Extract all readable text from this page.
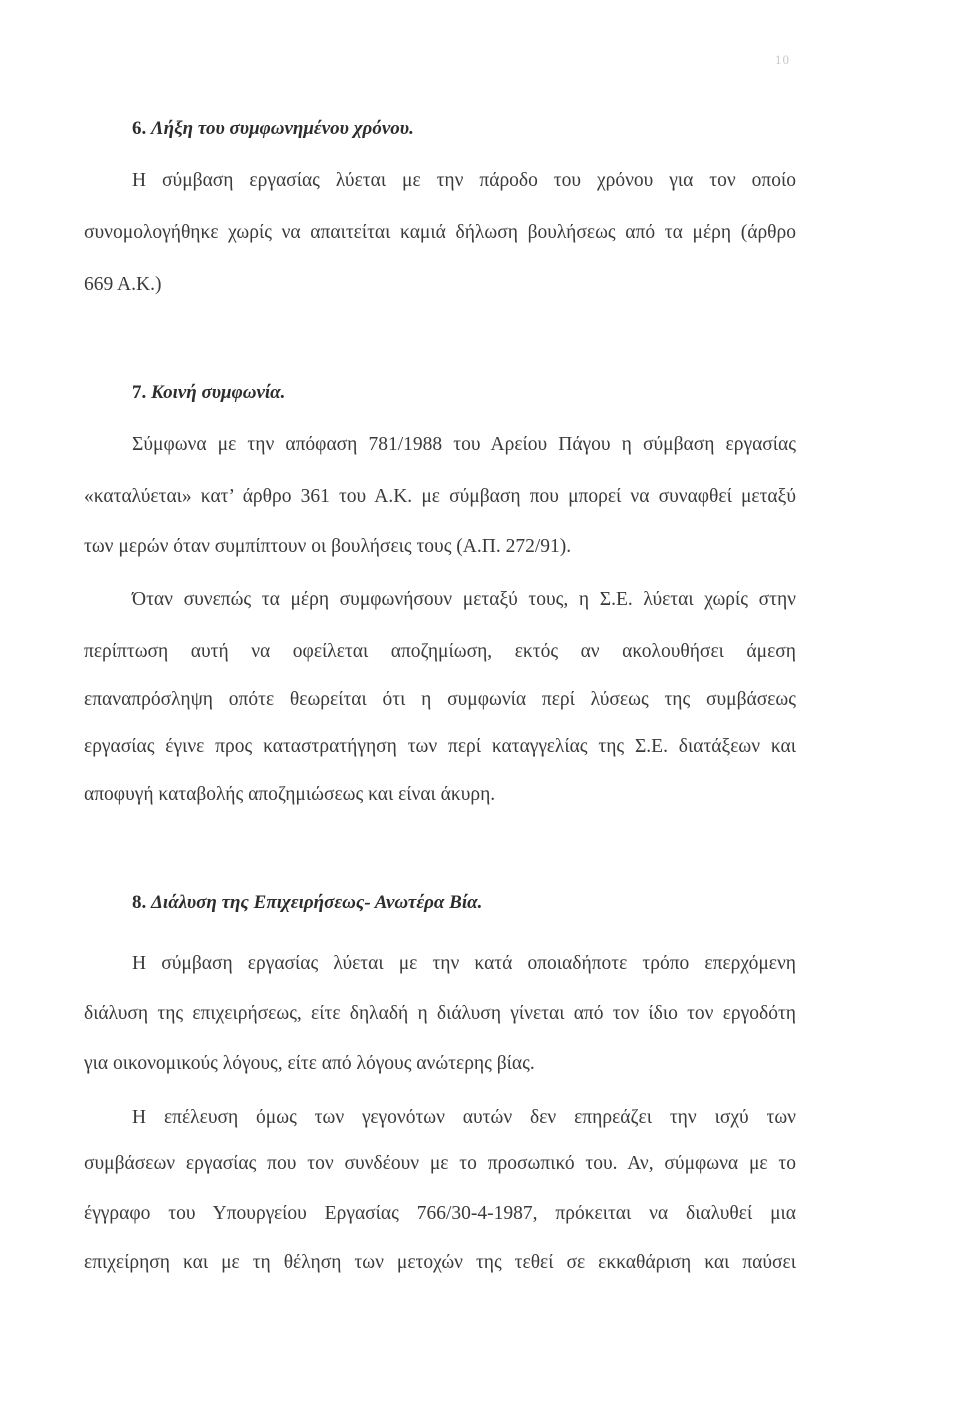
10
6. Λήξη του συμφωνημένου χρόνου.
Η σύμβαση εργασίας λύεται με την πάροδο του χρόνου για τον οποίο
συνομολογήθηκε χωρίς να απαιτείται καμιά δήλωση βουλήσεως από τα μέρη (άρθρο
669 Α.Κ.)
7. Κοινή συμφωνία.
Σύμφωνα με την απόφαση 781/1988 του Αρείου Πάγου η σύμβαση εργασίας
«καταλύεται» κατ’ άρθρο 361 του Α.Κ. με σύμβαση που μπορεί να συναφθεί μεταξύ
των μερών όταν συμπίπτουν οι βουλήσεις τους (Α.Π. 272/91).
Όταν συνεπώς τα μέρη συμφωνήσουν μεταξύ τους, η Σ.Ε. λύεται χωρίς στην
περίπτωση αυτή να οφείλεται αποζημίωση, εκτός αν ακολουθήσει άμεση
επαναπρόσληψη οπότε θεωρείται ότι η συμφωνία περί λύσεως της συμβάσεως
εργασίας έγινε προς καταστρατήγηση των περί καταγγελίας της Σ.Ε. διατάξεων και
αποφυγή καταβολής αποζημιώσεως και είναι άκυρη.
8. Διάλυση της Επιχειρήσεως- Ανωτέρα Βία.
Η σύμβαση εργασίας λύεται με την κατά οποιαδήποτε τρόπο επερχόμενη
διάλυση της επιχειρήσεως, είτε δηλαδή η διάλυση γίνεται από τον ίδιο τον εργοδότη
για οικονομικούς λόγους, είτε από λόγους ανώτερης βίας.
Η επέλευση όμως των γεγονότων αυτών δεν επηρεάζει την ισχύ των
συμβάσεων εργασίας που τον συνδέουν με το προσωπικό του. Αν, σύμφωνα με το
έγγραφο του Υπουργείου Εργασίας 766/30-4-1987, πρόκειται να διαλυθεί μια
επιχείρηση και με τη θέληση των μετοχών της τεθεί σε εκκαθάριση και παύσει
